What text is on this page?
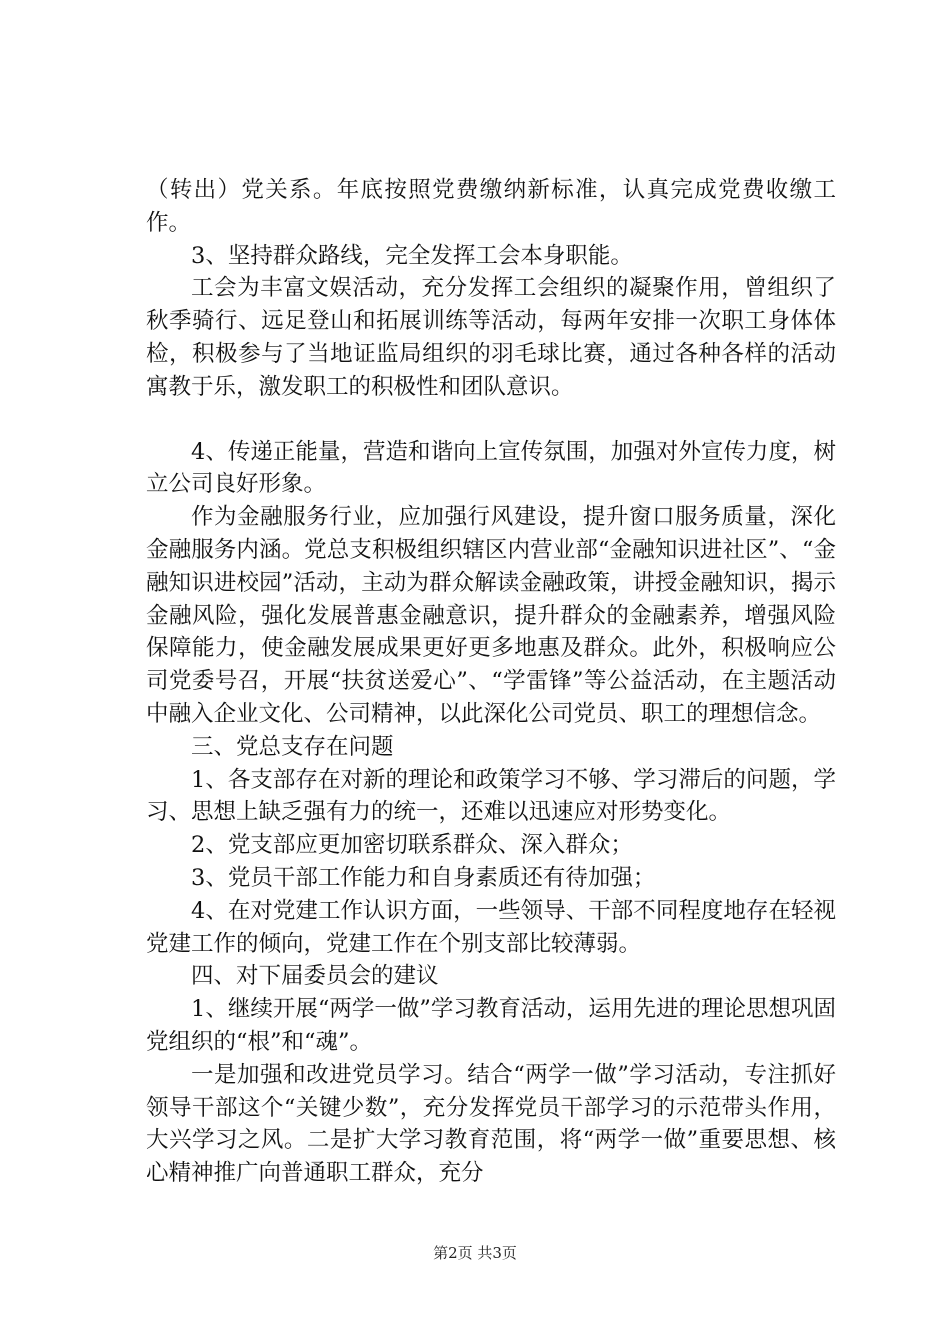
（转出）党关系。年底按照党费缴纳新标准，认真完成党费收缴工作。

3、坚持群众路线，完全发挥工会本身职能。

工会为丰富文娱活动，充分发挥工会组织的凝聚作用，曾组织了秋季骑行、远足登山和拓展训练等活动，每两年安排一次职工身体体检，积极参与了当地证监局组织的羽毛球比赛，通过各种各样的活动寓教于乐，激发职工的积极性和团队意识。

4、传递正能量，营造和谐向上宣传氛围，加强对外宣传力度，树立公司良好形象。

作为金融服务行业，应加强行风建设，提升窗口服务质量，深化金融服务内涵。党总支积极组织辖区内营业部“金融知识进社区”、“金融知识进校园”活动，主动为群众解读金融政策，讲授金融知识，揭示金融风险，强化发展普惠金融意识，提升群众的金融素养，增强风险保障能力，使金融发展成果更好更多地惠及群众。此外，积极响应公司党委号召，开展“扶贫送爱心”、“学雷锋”等公益活动，在主题活动中融入企业文化、公司精神，以此深化公司党员、职工的理想信念。

三、党总支存在问题

1、各支部存在对新的理论和政策学习不够、学习滞后的问题，学习、思想上缺乏强有力的统一，还难以迅速应对形势变化。

2、党支部应更加密切联系群众、深入群众；

3、党员干部工作能力和自身素质还有待加强；

4、在对党建工作认识方面，一些领导、干部不同程度地存在轻视党建工作的倾向，党建工作在个别支部比较薄弱。

四、对下届委员会的建议

1、继续开展“两学一做”学习教育活动，运用先进的理论思想巩固党组织的“根”和“魂”。

一是加强和改进党员学习。结合“两学一做”学习活动，专注抓好领导干部这个“关键少数”，充分发挥党员干部学习的示范带头作用，大兴学习之风。二是扩大学习教育范围，将“两学一做”重要思想、核心精神推广向普通职工群众，充分

第2页 共3页
